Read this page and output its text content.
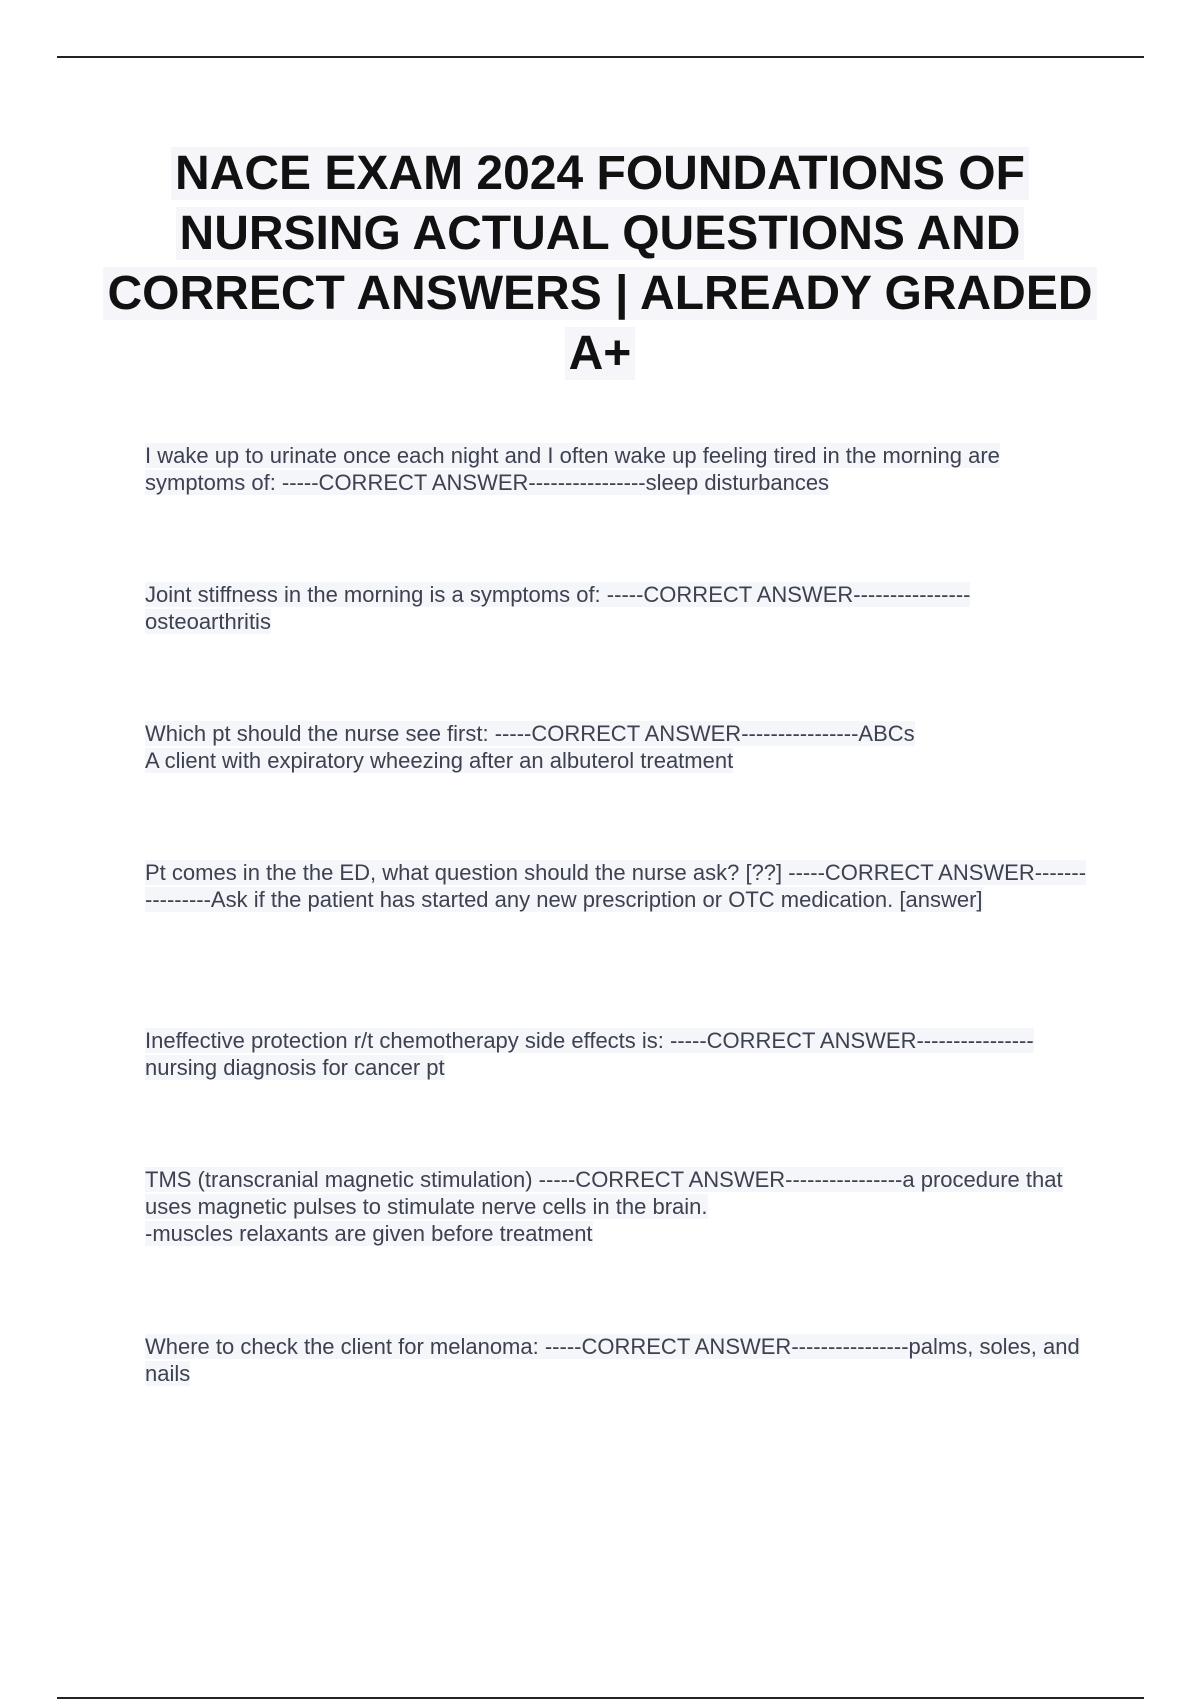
NACE EXAM 2024 FOUNDATIONS OF NURSING ACTUAL QUESTIONS AND CORRECT ANSWERS | ALREADY GRADED A+

I wake up to urinate once each night and I often wake up feeling tired in the morning are symptoms of: -----CORRECT ANSWER----------------sleep disturbances

Joint stiffness in the morning is a symptoms of: -----CORRECT ANSWER----------------
osteoarthritis

Which pt should the nurse see first: -----CORRECT ANSWER----------------ABCs
A client with expiratory wheezing after an albuterol treatment

Pt comes in the the ED, what question should the nurse ask? [??] -----CORRECT ANSWER----------------Ask if the patient has started any new prescription or OTC medication. [answer]

Ineffective protection r/t chemotherapy side effects is: -----CORRECT ANSWER----------------nursing diagnosis for cancer pt

TMS (transcranial magnetic stimulation) -----CORRECT ANSWER----------------a procedure that uses magnetic pulses to stimulate nerve cells in the brain.
-muscles relaxants are given before treatment

Where to check the client for melanoma: -----CORRECT ANSWER----------------palms, soles, and nails
